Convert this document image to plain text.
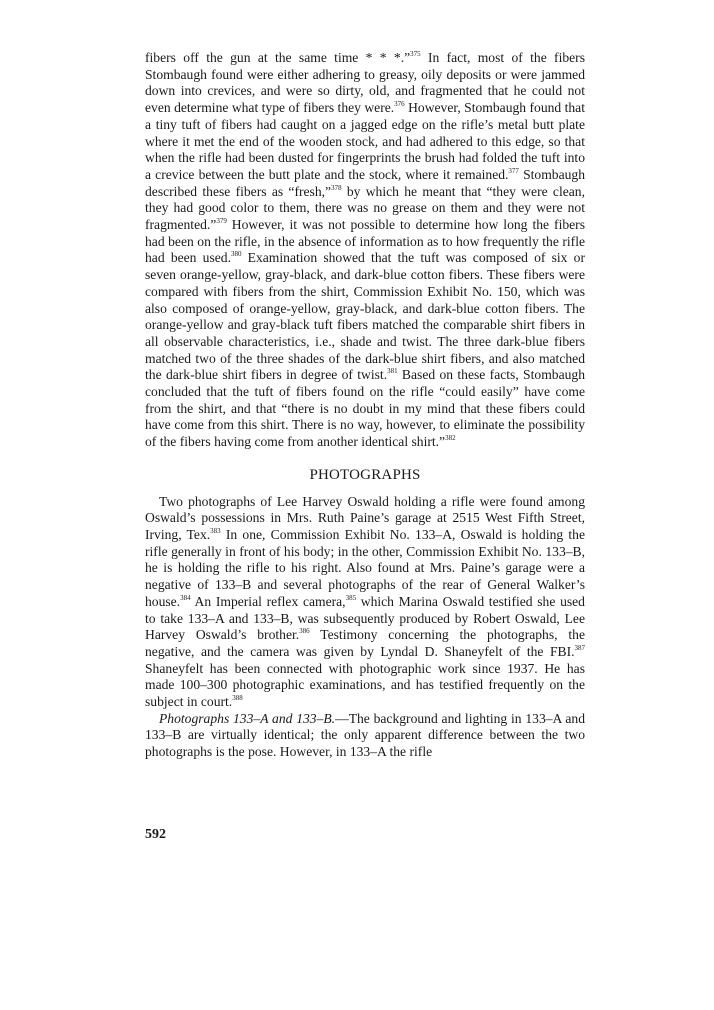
fibers off the gun at the same time * * *.”$^{375}$ In fact, most of the fibers Stombaugh found were either adhering to greasy, oily deposits or were jammed down into crevices, and were so dirty, old, and fragmented that he could not even determine what type of fibers they were.$^{376}$ However, Stombaugh found that a tiny tuft of fibers had caught on a jagged edge on the rifle’s metal butt plate where it met the end of the wooden stock, and had adhered to this edge, so that when the rifle had been dusted for fingerprints the brush had folded the tuft into a crevice between the butt plate and the stock, where it remained.$^{377}$ Stombaugh described these fibers as “fresh,”$^{378}$ by which he meant that “they were clean, they had good color to them, there was no grease on them and they were not fragmented.”$^{379}$ However, it was not possible to determine how long the fibers had been on the rifle, in the absence of information as to how frequently the rifle had been used.$^{380}$ Examination showed that the tuft was composed of six or seven orange-yellow, gray-black, and dark-blue cotton fibers. These fibers were compared with fibers from the shirt, Commission Exhibit No. 150, which was also composed of orange-yellow, gray-black, and dark-blue cotton fibers. The orange-yellow and gray-black tuft fibers matched the comparable shirt fibers in all observable characteristics, i.e., shade and twist. The three dark-blue fibers matched two of the three shades of the dark-blue shirt fibers, and also matched the dark-blue shirt fibers in degree of twist.$^{381}$ Based on these facts, Stombaugh concluded that the tuft of fibers found on the rifle “could easily” have come from the shirt, and that “there is no doubt in my mind that these fibers could have come from this shirt. There is no way, however, to eliminate the possibility of the fibers having come from another identical shirt.”$^{382}$

PHOTOGRAPHS

Two photographs of Lee Harvey Oswald holding a rifle were found among Oswald’s possessions in Mrs. Ruth Paine’s garage at 2515 West Fifth Street, Irving, Tex.$^{383}$ In one, Commission Exhibit No. 133–A, Oswald is holding the rifle generally in front of his body; in the other, Commission Exhibit No. 133–B, he is holding the rifle to his right. Also found at Mrs. Paine’s garage were a negative of 133–B and several photographs of the rear of General Walker’s house.$^{384}$ An Imperial reflex camera,$^{385}$ which Marina Oswald testified she used to take 133–A and 133–B, was subsequently produced by Robert Oswald, Lee Harvey Oswald’s brother.$^{386}$ Testimony concerning the photographs, the negative, and the camera was given by Lyndal D. Shaneyfelt of the FBI.$^{387}$ Shaneyfelt has been connected with photographic work since 1937. He has made 100–300 photographic examinations, and has testified frequently on the subject in court.$^{388}$

Photographs 133–A and 133–B.—The background and lighting in 133–A and 133–B are virtually identical; the only apparent difference between the two photographs is the pose. However, in 133–A the rifle

592
